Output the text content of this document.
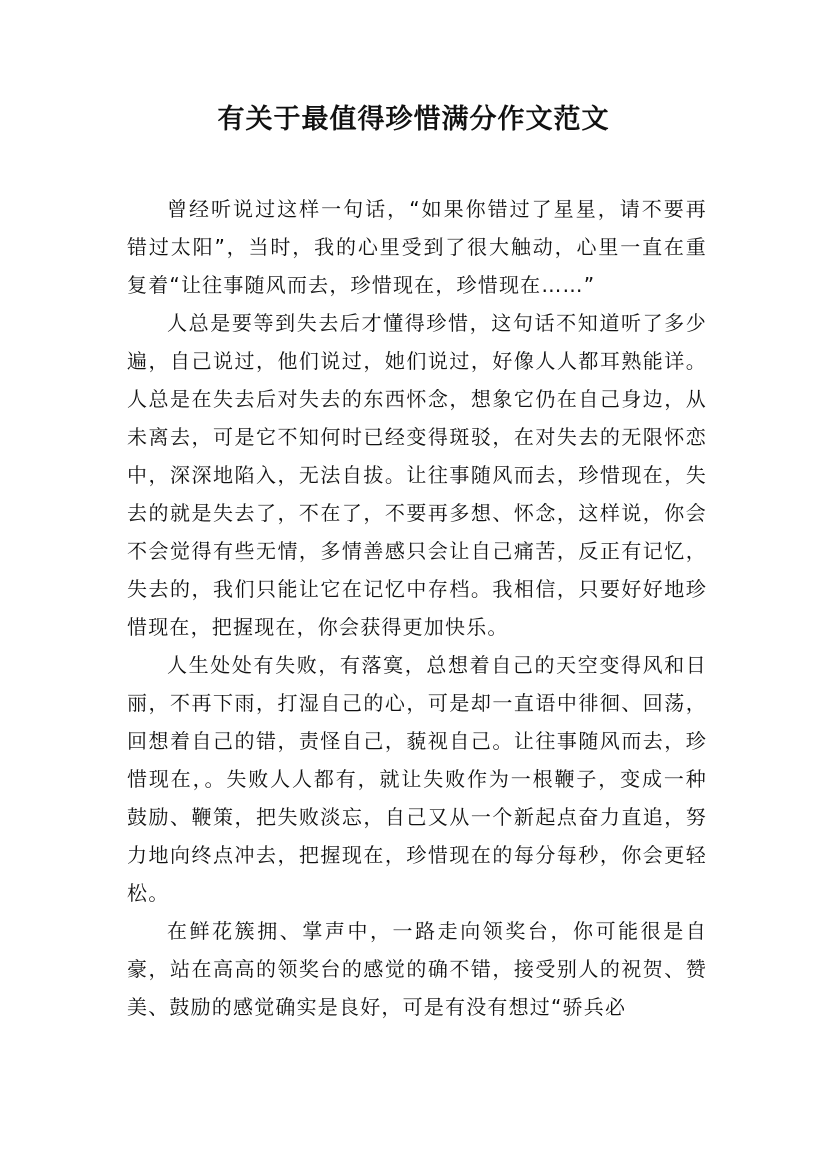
有关于最值得珍惜满分作文范文

曾经听说过这样一句话，“如果你错过了星星，请不要再错过太阳”，当时，我的心里受到了很大触动，心里一直在重复着“让往事随风而去，珍惜现在，珍惜现在……”

人总是要等到失去后才懂得珍惜，这句话不知道听了多少遍，自己说过，他们说过，她们说过，好像人人都耳熟能详。人总是在失去后对失去的东西怀念，想象它仍在自己身边，从未离去，可是它不知何时已经变得斑驳，在对失去的无限怀恋中，深深地陷入，无法自拔。让往事随风而去，珍惜现在，失去的就是失去了，不在了，不要再多想、怀念，这样说，你会不会觉得有些无情，多情善感只会让自己痛苦，反正有记忆，失去的，我们只能让它在记忆中存档。我相信，只要好好地珍惜现在，把握现在，你会获得更加快乐。

人生处处有失败，有落寞，总想着自己的天空变得风和日丽，不再下雨，打湿自己的心，可是却一直语中徘徊、回荡，回想着自己的错，责怪自己，藐视自己。让往事随风而去，珍惜现在，。失败人人都有，就让失败作为一根鞭子，变成一种鼓励、鞭策，把失败淡忘，自己又从一个新起点奋力直追，努力地向终点冲去，把握现在，珍惜现在的每分每秒，你会更轻松。

在鲜花簇拥、掌声中，一路走向领奖台，你可能很是自豪，站在高高的领奖台的感觉的确不错，接受别人的祝贺、赞美、鼓励的感觉确实是良好，可是有没有想过“骄兵必
